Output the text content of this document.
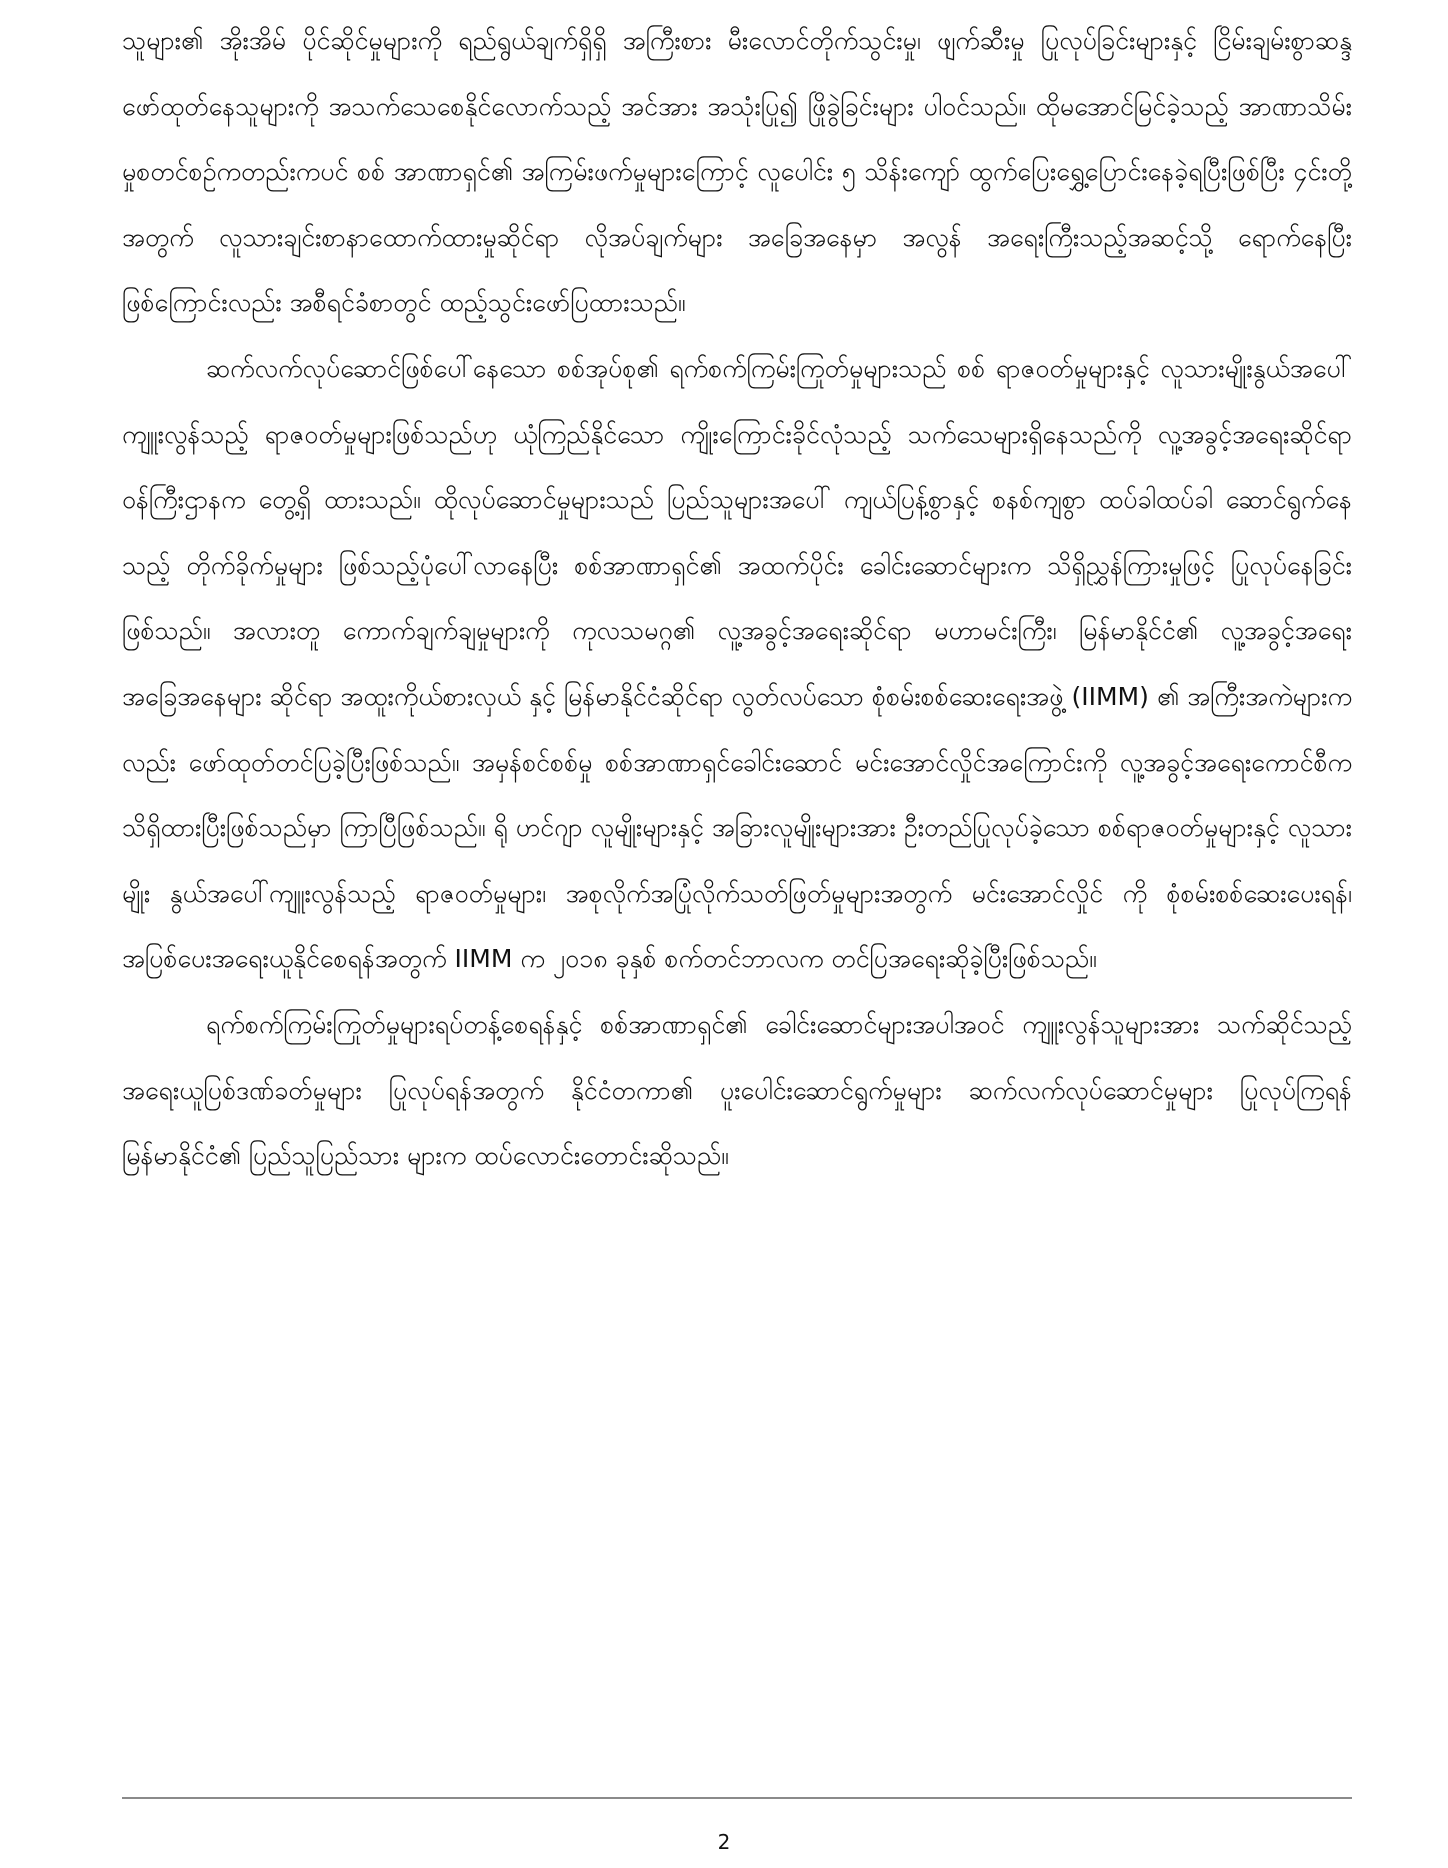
သူများ၏ အိုးအိမ် ပိုင်ဆိုင်မှုများကို ရည်ရွယ်ချက်ရှိရှိ အကြီးစား မီးလောင်တိုက်သွင်းမှု၊ ဖျက်ဆီးမှု ပြုလုပ်ခြင်းများနှင့် ငြိမ်းချမ်းစွာဆန္ဒဖော်ထုတ်နေသူများကို အသက်သေစေနိုင်လောက်သည့် အင်အား အသုံးပြု၍ ဖြိုခွဲခြင်းများ ပါဝင်သည်။ ထိုမအောင်မြင်ခဲ့သည့် အာဏာသိမ်းမှုစတင်စဉ်ကတည်းကပင် စစ် အာဏာရှင်၏ အကြမ်းဖက်မှုများကြောင့် လူပေါင်း ၅ သိန်းကျော် ထွက်ပြေးရွှေ့ပြောင်းနေခဲ့ရပြီးဖြစ်ပြီး ၄င်းတို့အတွက် လူသားချင်းစာနာထောက်ထားမှုဆိုင်ရာ လိုအပ်ချက်များ အခြေအနေမှာ အလွန် အရေးကြီးသည့်အဆင့်သို့ ရောက်နေပြီးဖြစ်ကြောင်းလည်း အစီရင်ခံစာတွင် ထည့်သွင်းဖော်ပြထားသည်။

ဆက်လက်လုပ်ဆောင်ဖြစ်ပေါ်နေသော စစ်အုပ်စု၏ ရက်စက်ကြမ်းကြုတ်မှုများသည် စစ် ရာဇဝတ်မှုများနှင့် လူသားမျိုးနွယ်အပေါ် ကျူးလွန်သည့် ရာဇဝတ်မှုများဖြစ်သည်ဟု ယုံကြည်နိုင်သော ကျိုးကြောင်းခိုင်လုံသည့် သက်သေများရှိနေသည်ကို လူ့အခွင့်အရေးဆိုင်ရာဝန်ကြီးဌာနက တွေ့ရှိ ထားသည်။ ထိုလုပ်ဆောင်မှုများသည် ပြည်သူများအပေါ် ကျယ်ပြန့်စွာနှင့် စနစ်ကျစွာ ထပ်ခါထပ်ခါ ဆောင်ရွက်နေသည့် တိုက်ခိုက်မှုများ ဖြစ်သည့်ပုံပေါ်လာနေပြီး စစ်အာဏာရှင်၏ အထက်ပိုင်း ခေါင်းဆောင်များက သိရှိညွှန်ကြားမှုဖြင့် ပြုလုပ်နေခြင်းဖြစ်သည်။ အလားတူ ကောက်ချက်ချမှုများကို ကုလသမဂ္ဂ၏ လူ့အခွင့်အရေးဆိုင်ရာ မဟာမင်းကြီး၊ မြန်မာနိုင်ငံ၏ လူ့အခွင့်အရေး အခြေအနေများ ဆိုင်ရာ အထူးကိုယ်စားလှယ် နှင့် မြန်မာနိုင်ငံဆိုင်ရာ လွတ်လပ်သော စုံစမ်းစစ်ဆေးရေးအဖွဲ့ (IIMM) ၏ အကြီးအကဲများကလည်း ဖော်ထုတ်တင်ပြခဲ့ပြီးဖြစ်သည်။ အမှန်စင်စစ်မှု စစ်အာဏာရှင်ခေါင်းဆောင် မင်းအောင်လှိုင်အကြောင်းကို လူ့အခွင့်အရေးကောင်စီက သိရှိထားပြီးဖြစ်သည်မှာ ကြာပြီဖြစ်သည်။ ရို ဟင်ဂျာ လူမျိုးများနှင့် အခြားလူမျိုးများအား ဦးတည်ပြုလုပ်ခဲ့သော စစ်ရာဇဝတ်မှုများနှင့် လူသားမျိုး နွယ်အပေါ်ကျူးလွန်သည့် ရာဇဝတ်မှုများ၊ အစုလိုက်အပြုံလိုက်သတ်ဖြတ်မှုများအတွက် မင်းအောင်လှိုင် ကို စုံစမ်းစစ်ဆေးပေးရန်၊ အပြစ်ပေးအရေးယူနိုင်စေရန်အတွက် IIMM က ၂၀၁၈ ခုနှစ် စက်တင်ဘာလက တင်ပြအရေးဆိုခဲ့ပြီးဖြစ်သည်။

ရက်စက်ကြမ်းကြုတ်မှုများရပ်တန့်စေရန်နှင့် စစ်အာဏာရှင်၏ ခေါင်းဆောင်များအပါအဝင် ကျူးလွန်သူများအား သက်ဆိုင်သည့် အရေးယူပြစ်ဒဏ်ခတ်မှုများ ပြုလုပ်ရန်အတွက် နိုင်ငံတကာ၏ ပူးပေါင်းဆောင်ရွက်မှုများ ဆက်လက်လုပ်ဆောင်မှုများ ပြုလုပ်ကြရန် မြန်မာနိုင်ငံ၏ ပြည်သူပြည်သား များက ထပ်လောင်းတောင်းဆိုသည်။

2
